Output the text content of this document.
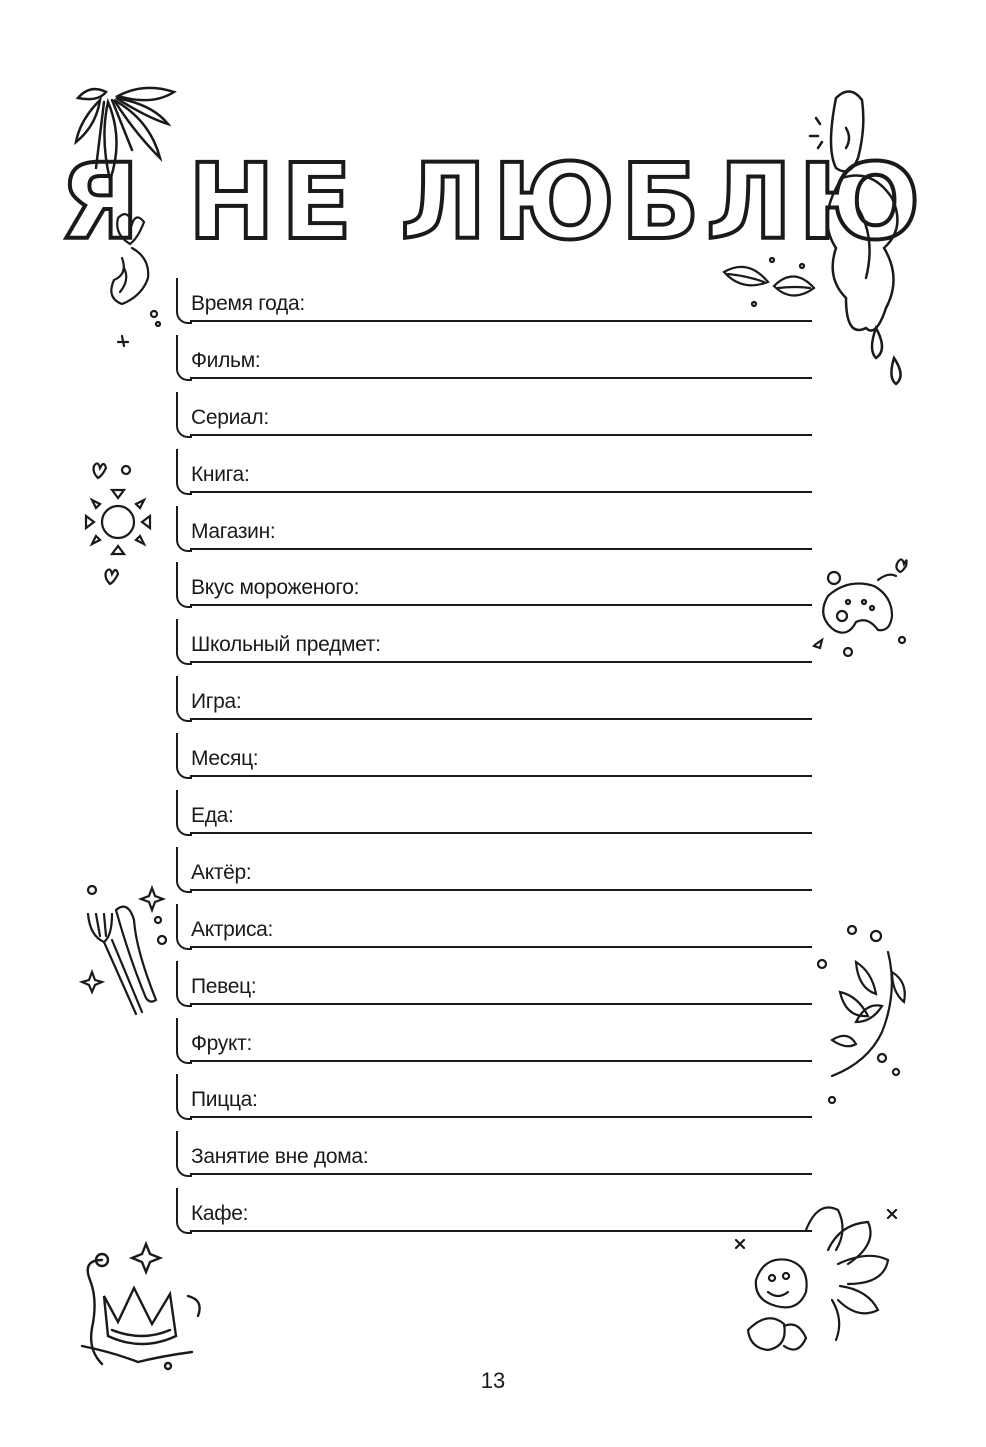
Я НЕ ЛЮБЛЮ
Время года:
Фильм:
Сериал:
Книга:
Магазин:
Вкус мороженого:
Школьный предмет:
Игра:
Месяц:
Еда:
Актёр:
Актриса:
Певец:
Фрукт:
Пицца:
Занятие вне дома:
Кафе:
13
